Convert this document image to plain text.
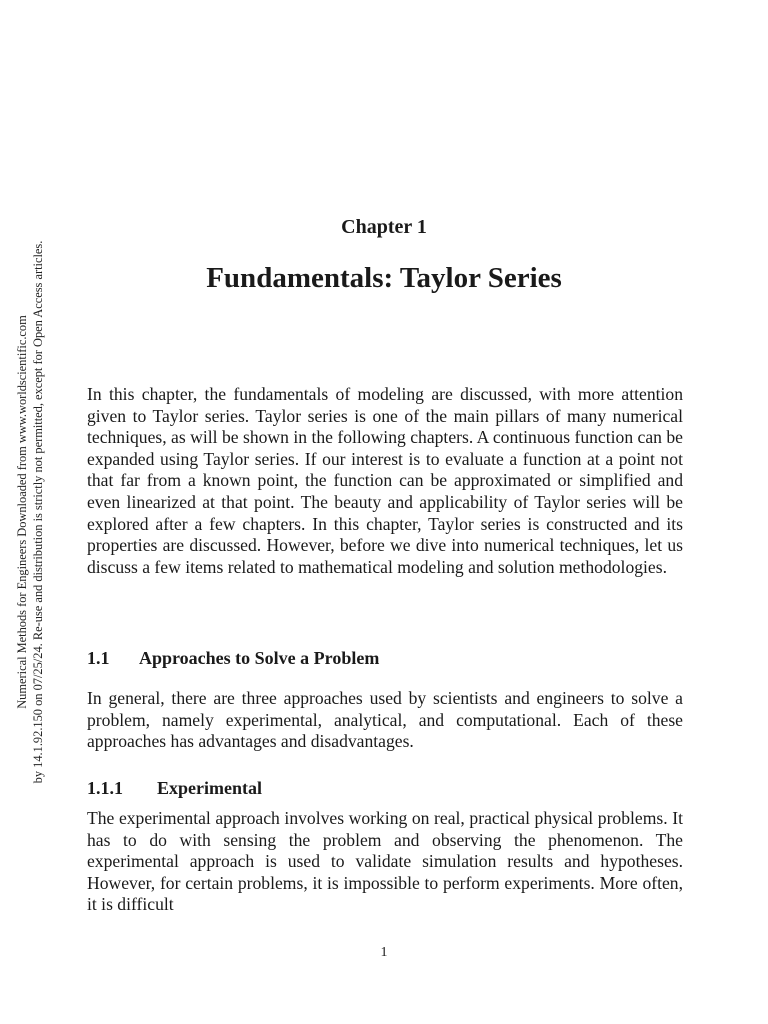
Numerical Methods for Engineers Downloaded from www.worldscientific.com by 14.1.92.150 on 07/25/24. Re-use and distribution is strictly not permitted, except for Open Access articles.
Chapter 1
Fundamentals: Taylor Series

In this chapter, the fundamentals of modeling are discussed, with more attention given to Taylor series. Taylor series is one of the main pillars of many numerical techniques, as will be shown in the following chapters. A continuous function can be expanded using Taylor series. If our interest is to evaluate a function at a point not that far from a known point, the function can be approximated or simplified and even linearized at that point. The beauty and applicability of Taylor series will be explored after a few chapters. In this chapter, Taylor series is constructed and its properties are discussed. However, before we dive into numerical techniques, let us discuss a few items related to mathematical modeling and solution methodologies.

1.1 Approaches to Solve a Problem

In general, there are three approaches used by scientists and engineers to solve a problem, namely experimental, analytical, and computational. Each of these approaches has advantages and disadvantages.

1.1.1 Experimental

The experimental approach involves working on real, practical physical problems. It has to do with sensing the problem and observing the phenomenon. The experimental approach is used to validate simulation results and hypotheses. However, for certain problems, it is impossible to perform experiments. More often, it is difficult

1
